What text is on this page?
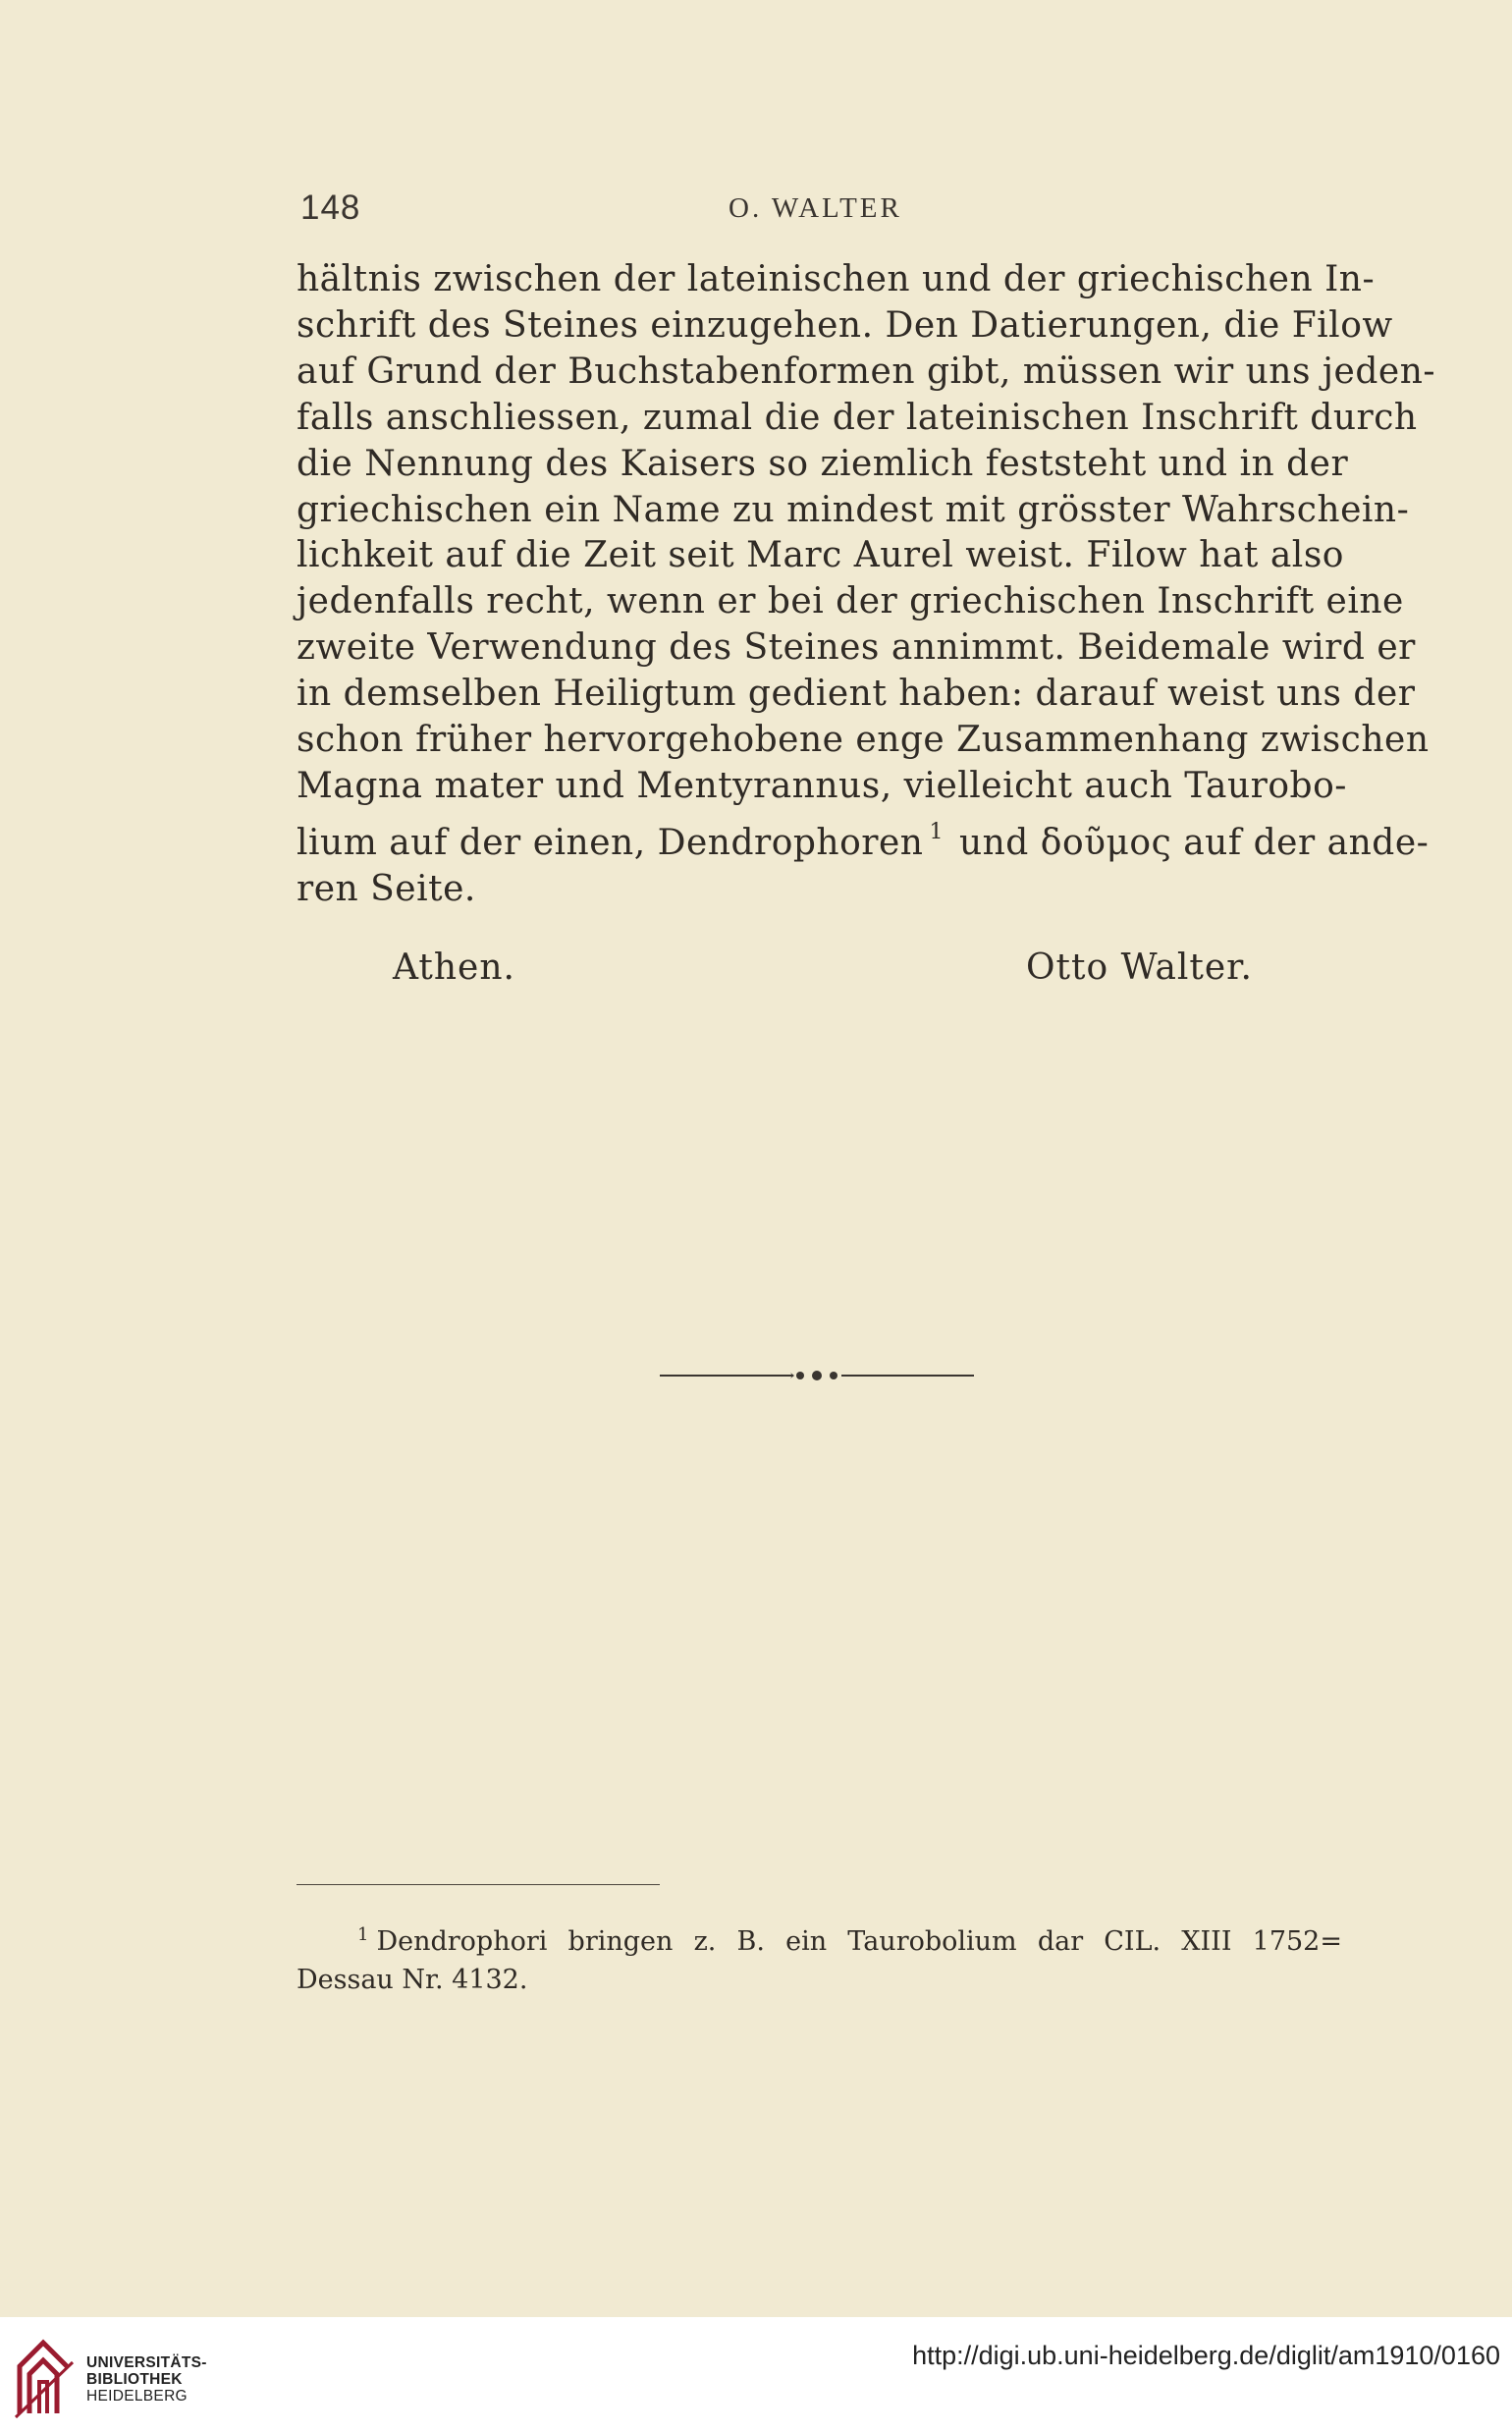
148	O. WALTER
hältnis zwischen der lateinischen und der griechischen In-
schrift des Steines einzugehen. Den Datierungen, die Filow
auf Grund der Buchstabenformen gibt, müssen wir uns jeden-
falls anschliessen, zumal die der lateinischen Inschrift durch
die Nennung des Kaisers so ziemlich feststeht und in der
griechischen ein Name zu mindest mit grösster Wahrschein-
lichkeit auf die Zeit seit Marc Aurel weist. Filow hat also
jedenfalls recht, wenn er bei der griechischen Inschrift eine
zweite Verwendung des Steines annimmt. Beidemale wird er
in demselben Heiligtum gedient haben: darauf weist uns der
schon früher hervorgehobene enge Zusammenhang zwischen
Magna mater und Mentyrannus, vielleicht auch Taurobo-
lium auf der einen, Dendrophoren $^1$ und δοῦμος auf der ande-
ren Seite.
Athen.	Otto Walter.
$^1$ Dendrophori bringen z. B. ein Taurobolium dar CIL. XIII 1752=
Dessau Nr. 4132.
UNIVERSITÄTS-
BIBLIOTHEK
HEIDELBERG
http://digi.ub.uni-heidelberg.de/diglit/am1910/0160
